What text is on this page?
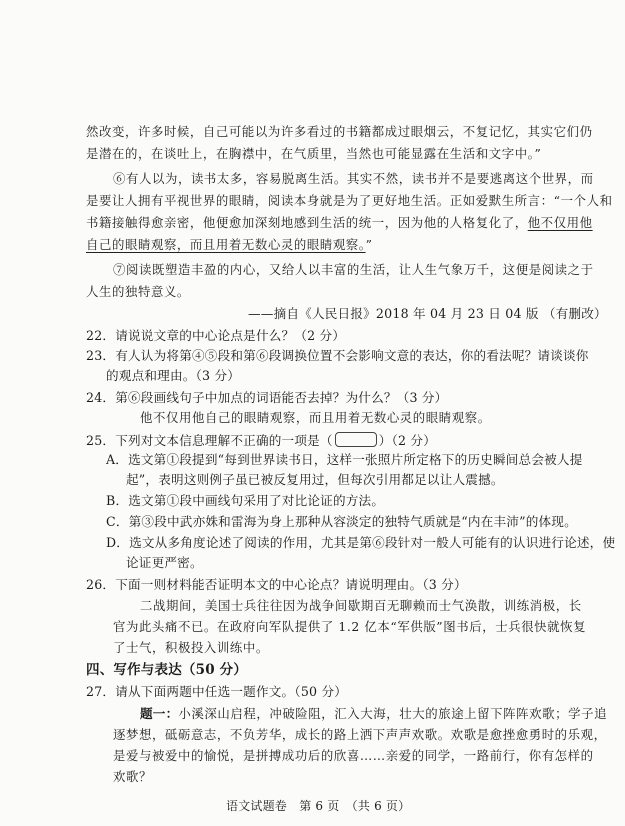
然改变，许多时候，自己可能以为许多看过的书籍都成过眼烟云，不复记忆，其实它们仍
是潜在的，在谈吐上，在胸襟中，在气质里，当然也可能显露在生活和文字中。”
⑥有人以为，读书太多，容易脱离生活。其实不然，读书并不是要逃离这个世界，而
是要让人拥有平视世界的眼睛，阅读本身就是为了更好地生活。正如爱默生所言：“一个人和
书籍接触得愈亲密，他便愈加深刻地感到生活的统一，因为他的人格复化了，他不仅用他
自己的眼睛观察，而且用着无数心灵的眼睛观察。”
⑦阅读既塑造丰盈的内心，又给人以丰富的生活，让人生气象万千，这便是阅读之于
人生的独特意义。
——摘自《人民日报》2018 年 04 月 23 日 04 版 （有删改）
22．请说说文章的中心论点是什么？（2 分）
23．有人认为将第④⑤段和第⑥段调换位置不会影响文意的表达，你的看法呢？请谈谈你
的观点和理由。（3 分）
24．第⑥段画线句子中加点的词语能否去掉？为什么？（3 分）
他不仅用他自己的眼睛观察，而且用着无数心灵的眼睛观察。
25．下列对文本信息理解不正确的一项是（	）（2 分）
A．选文第①段提到“每到世界读书日，这样一张照片所定格下的历史瞬间总会被人提
起”，表明这则例子虽已被反复用过，但每次引用都足以让人震撼。
B．选文第①段中画线句采用了对比论证的方法。
C．第③段中武亦姝和雷海为身上那种从容淡定的独特气质就是“内在丰沛”的体现。
D．选文从多角度论述了阅读的作用，尤其是第⑥段针对一般人可能有的认识进行论述，使
论证更严密。
26．下面一则材料能否证明本文的中心论点？请说明理由。（3 分）
二战期间，美国士兵往往因为战争间歇期百无聊赖而士气涣散，训练消极，长
官为此头痛不已。在政府向军队提供了 1.2 亿本“军供版”图书后，士兵很快就恢复
了士气，积极投入训练中。
四、写作与表达（50 分）
27．请从下面两题中任选一题作文。（50 分）
题一：小溪深山启程，冲破险阻，汇入大海，壮大的旅途上留下阵阵欢歌；学子追
逐梦想，砥砺意志，不负芳华，成长的路上洒下声声欢歌。欢歌是愈挫愈勇时的乐观，
是爱与被爱中的愉悦，是拼搏成功后的欣喜……亲爱的同学，一路前行，你有怎样的
欢歌？
语文试题卷　第 6 页　（共 6 页）
